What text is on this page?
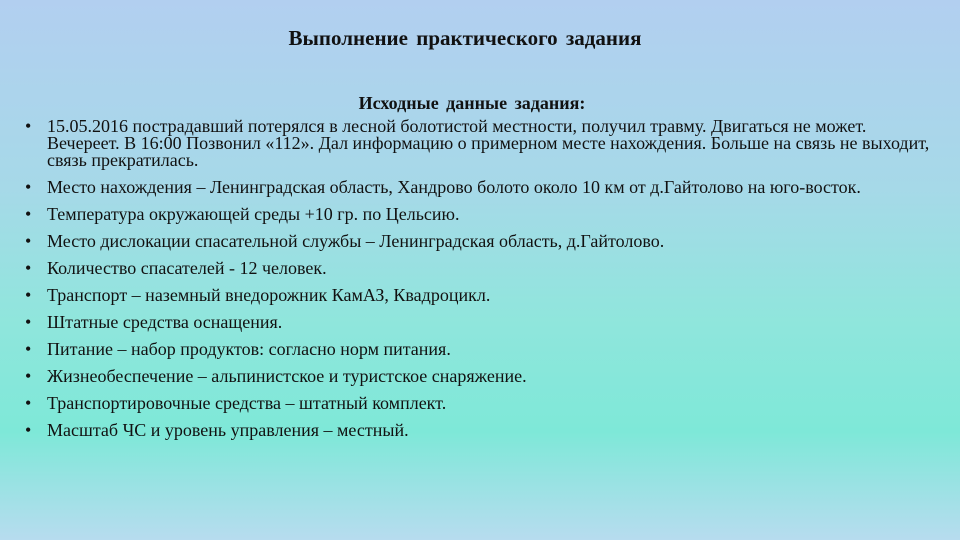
Выполнение практического задания
Исходные данные задания:
• 15.05.2016 пострадавший потерялся в лесной болотистой местности, получил травму. Двигаться не может. Вечереет. В 16:00 Позвонил «112». Дал информацию о примерном месте нахождения. Больше на связь не выходит, связь прекратилась.
• Место нахождения – Ленинградская область, Хандрово болото около 10 км от д.Гайтолово на юго-восток.
• Температура окружающей среды +10 гр. по Цельсию.
• Место дислокации спасательной службы – Ленинградская область, д.Гайтолово.
• Количество спасателей - 12 человек.
• Транспорт – наземный внедорожник КамАЗ, Квадроцикл.
• Штатные средства оснащения.
• Питание – набор продуктов: согласно норм питания.
• Жизнеобеспечение – альпинистское и туристское снаряжение.
• Транспортировочные средства – штатный комплект.
• Масштаб ЧС и уровень управления – местный.
